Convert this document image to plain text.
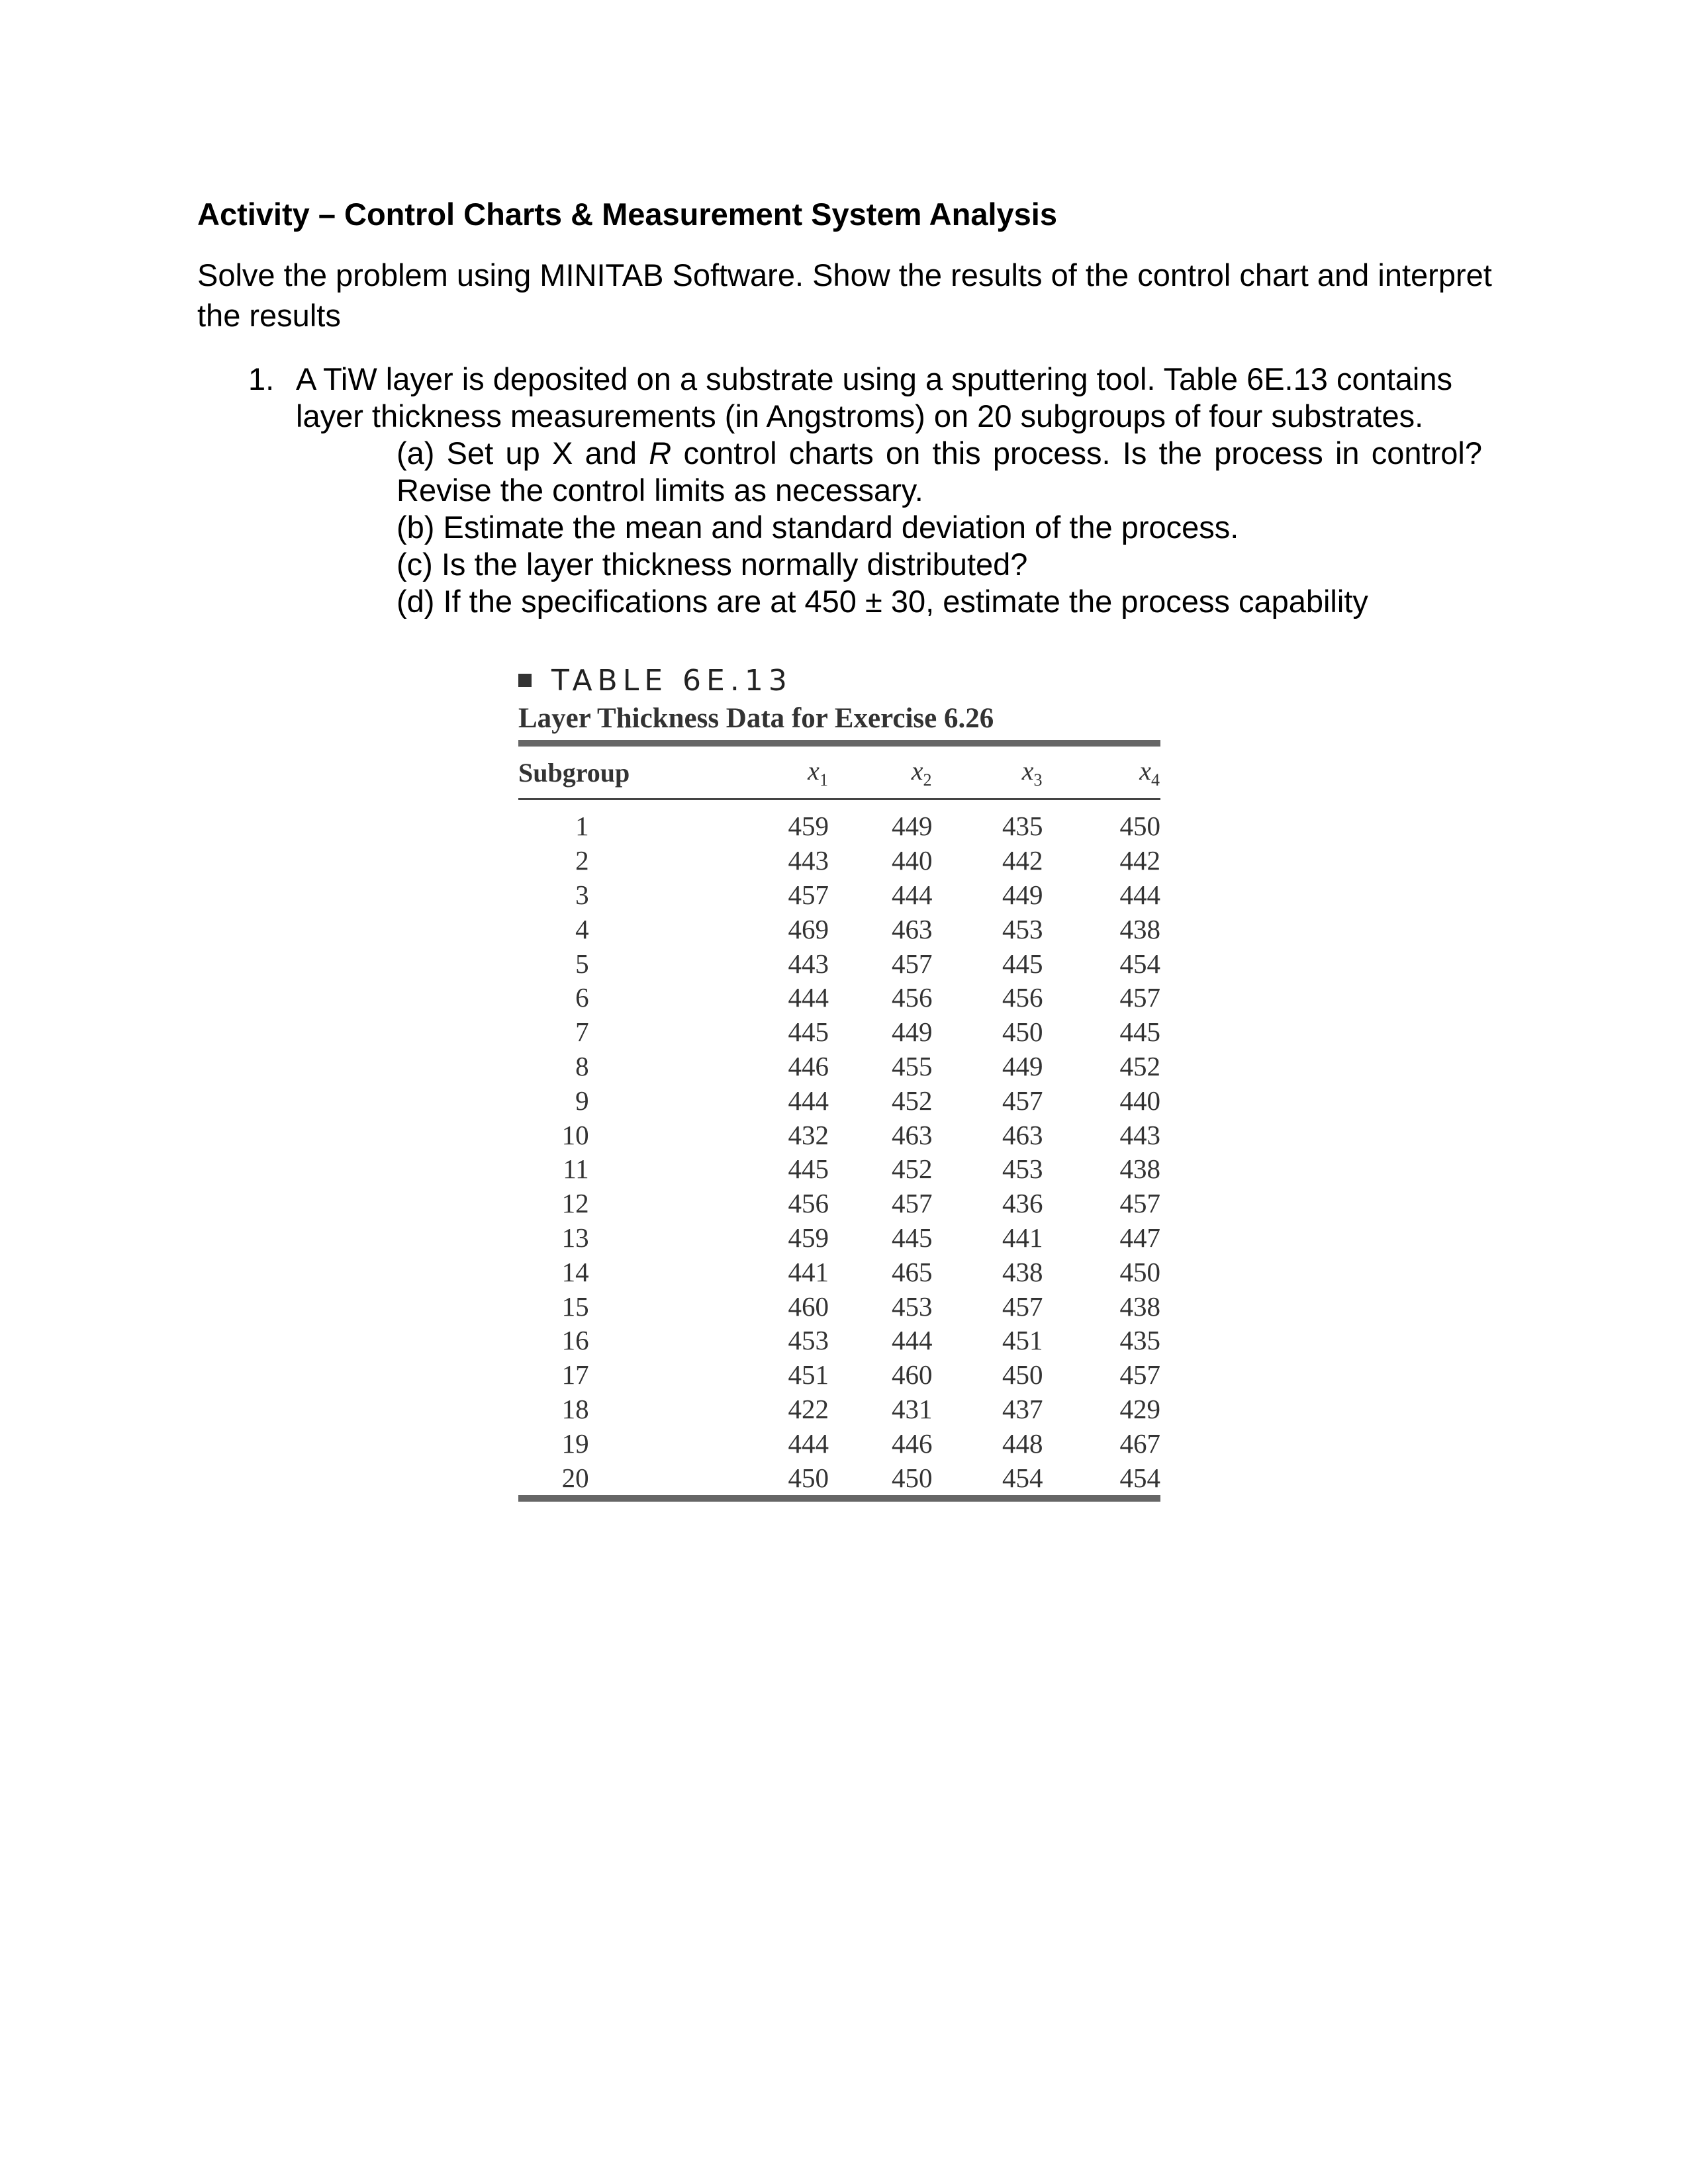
Activity – Control Charts & Measurement System Analysis
Solve the problem using MINITAB Software. Show the results of the control chart and interpret the results
1. A TiW layer is deposited on a substrate using a sputtering tool. Table 6E.13 contains
layer thickness measurements (in Angstroms) on 20 subgroups of four substrates.
(a) Set up X and R control charts on this process. Is the process in control?
Revise the control limits as necessary.
(b) Estimate the mean and standard deviation of the process.
(c) Is the layer thickness normally distributed?
(d) If the specifications are at 450 ± 30, estimate the process capability
TABLE 6E.13
Layer Thickness Data for Exercise 6.26
Subgroup	$x_1$	$x_2$	$x_3$	$x_4$
1	459	449	435	450
2	443	440	442	442
3	457	444	449	444
4	469	463	453	438
5	443	457	445	454
6	444	456	456	457
7	445	449	450	445
8	446	455	449	452
9	444	452	457	440
10	432	463	463	443
11	445	452	453	438
12	456	457	436	457
13	459	445	441	447
14	441	465	438	450
15	460	453	457	438
16	453	444	451	435
17	451	460	450	457
18	422	431	437	429
19	444	446	448	467
20	450	450	454	454
